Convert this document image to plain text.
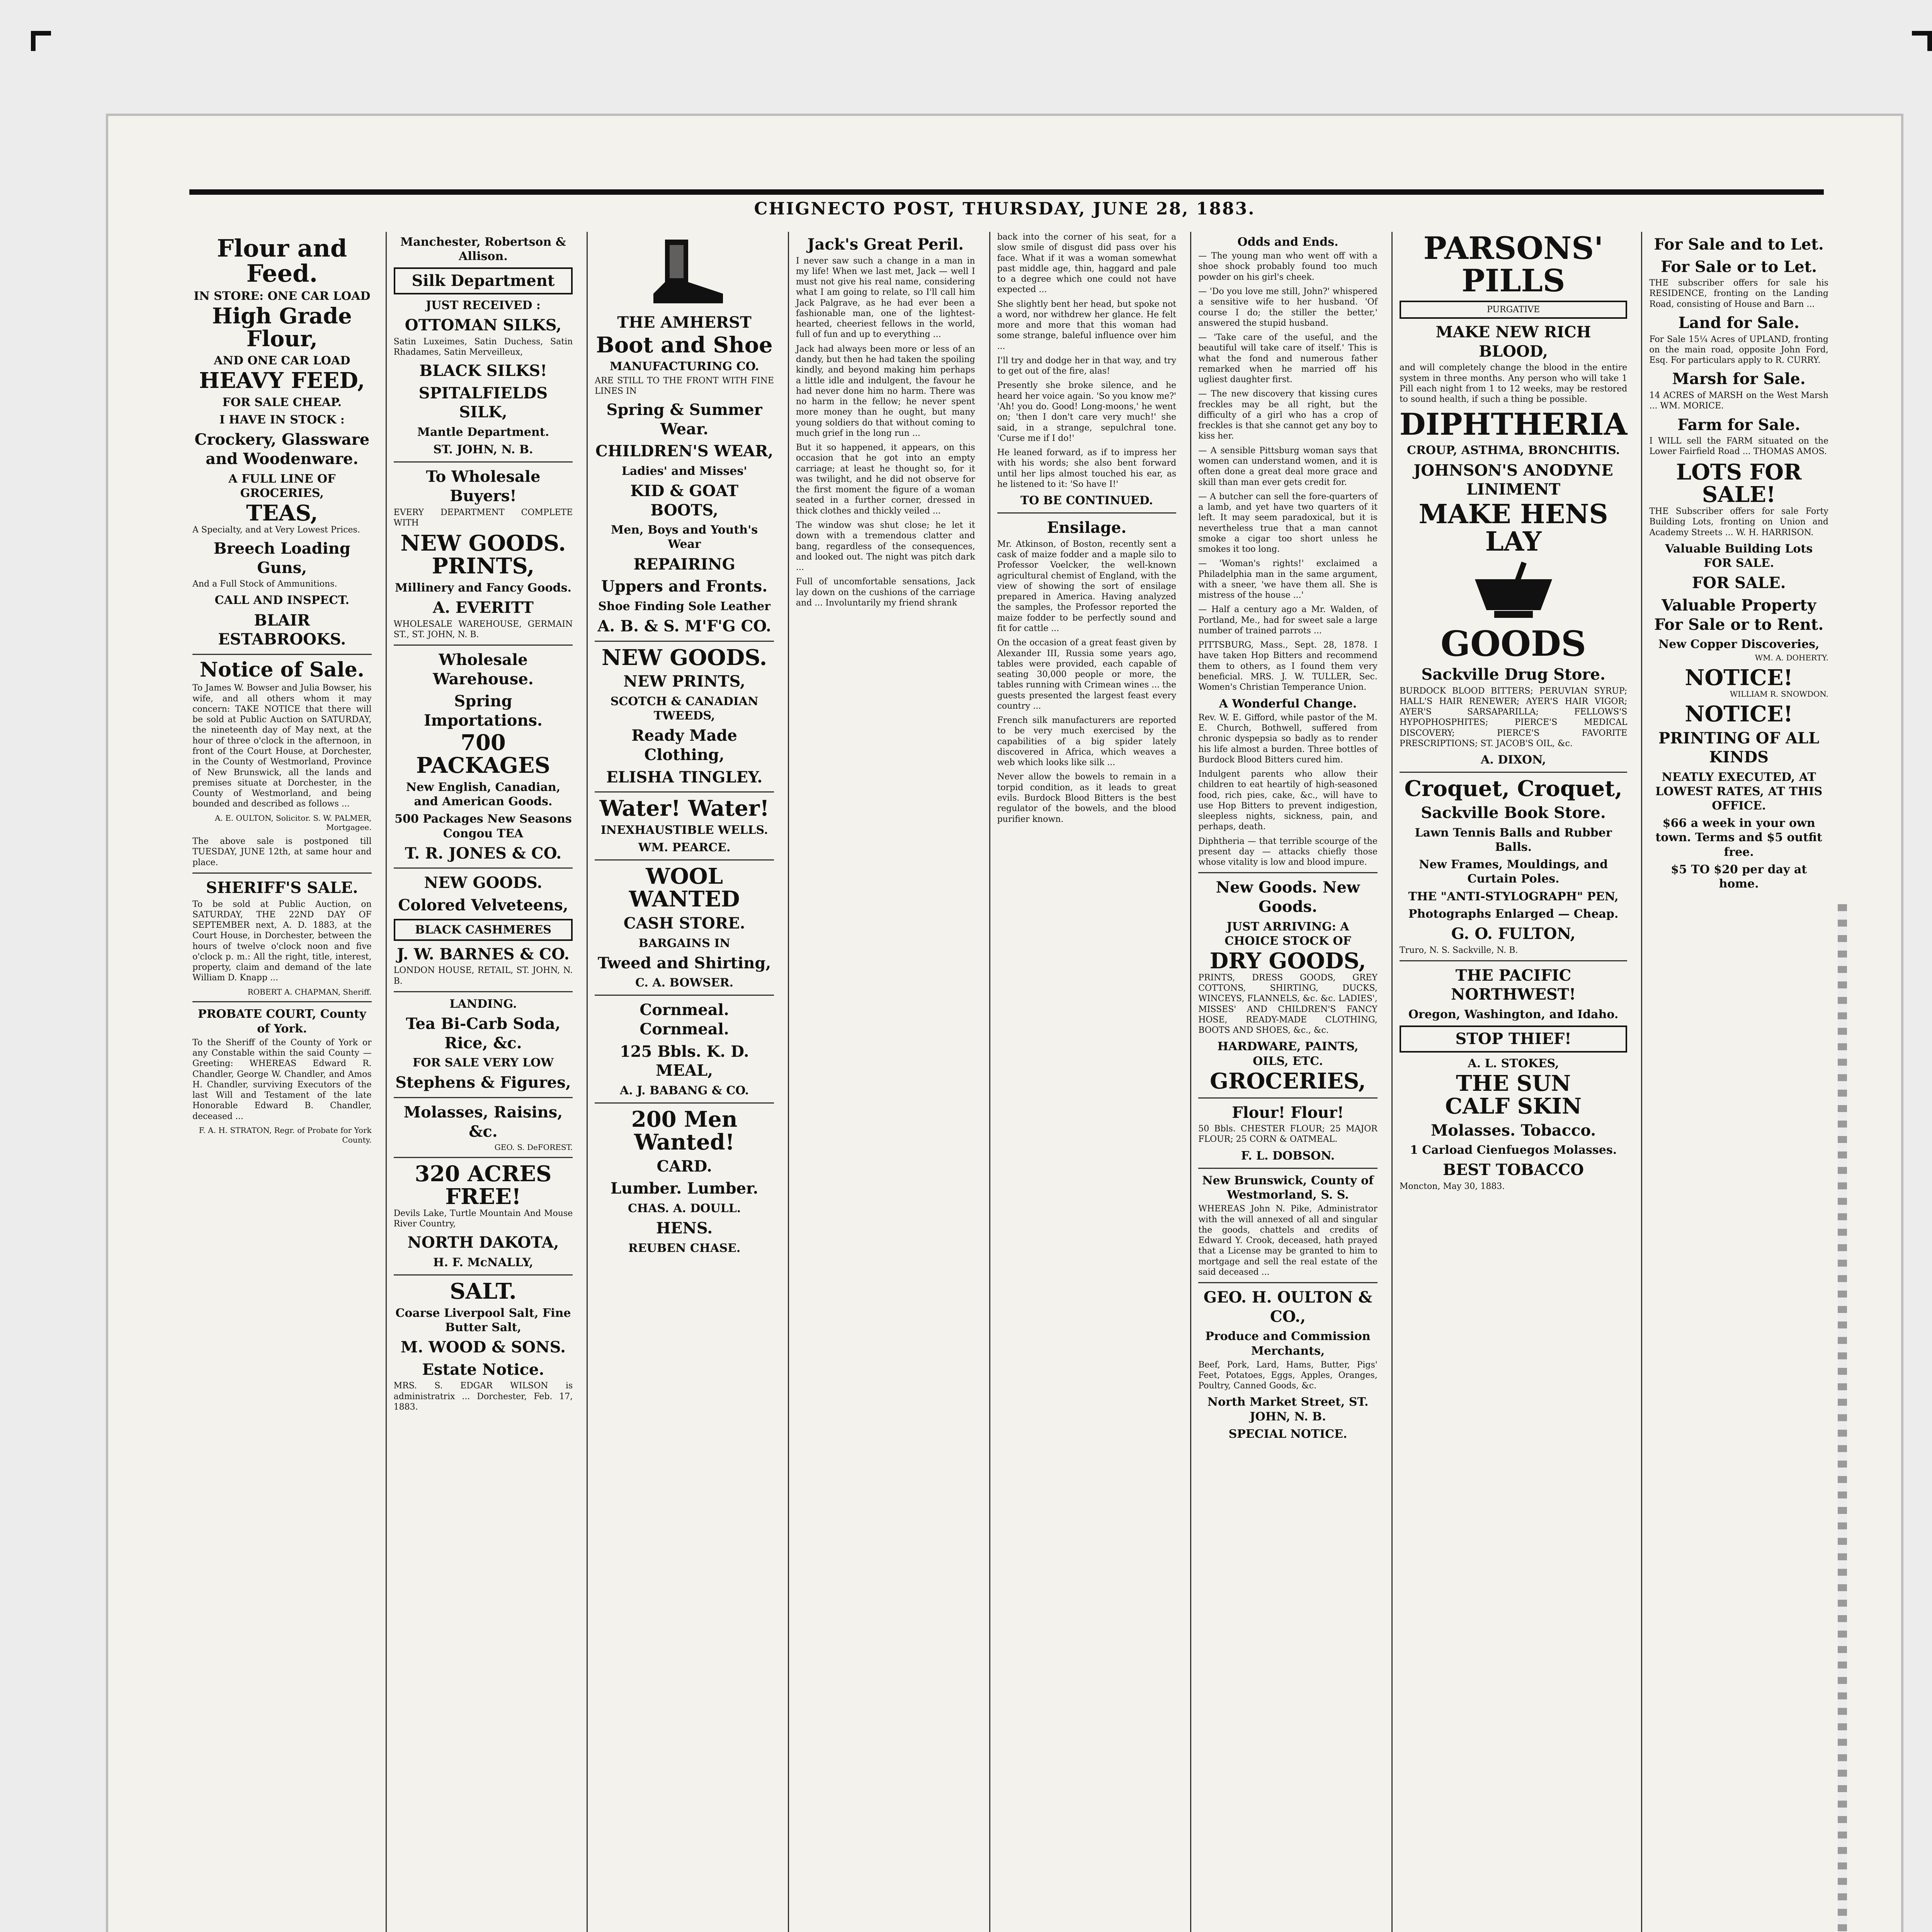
CHIGNECTO POST, THURSDAY, JUNE 28, 1883.
Flour and Feed.
IN STORE: ONE CAR LOAD
High Grade Flour,
AND ONE CAR LOAD
HEAVY FEED,
FOR SALE CHEAP.
I HAVE IN STOCK :
Crockery, Glassware and Woodenware.
A FULL LINE OF GROCERIES,
TEAS,

A Specialty, and at Very Lowest Prices.

Breech Loading Guns,

And a Full Stock of Ammunitions.

CALL AND INSPECT.
BLAIR ESTABROOKS.
Notice of Sale.

To James W. Bowser and Julia Bowser, his wife, and all others whom it may concern: TAKE NOTICE that there will be sold at Public Auction on SATURDAY, the nineteenth day of May next, at the hour of three o'clock in the afternoon, in front of the Court House, at Dorchester, in the County of Westmorland, Province of New Brunswick, all the lands and premises situate at Dorchester, in the County of Westmorland, and being bounded and described as follows ...

A. E. OULTON, Solicitor. S. W. PALMER, Mortgagee.

The above sale is postponed till TUESDAY, JUNE 12th, at same hour and place.

SHERIFF'S SALE.

To be sold at Public Auction, on SATURDAY, THE 22ND DAY OF SEPTEMBER next, A. D. 1883, at the Court House, in Dorchester, between the hours of twelve o'clock noon and five o'clock p. m.: All the right, title, interest, property, claim and demand of the late William D. Knapp ...

ROBERT A. CHAPMAN, Sheriff.

PROBATE COURT, County of York.

To the Sheriff of the County of York or any Constable within the said County — Greeting: WHEREAS Edward R. Chandler, George W. Chandler, and Amos H. Chandler, surviving Executors of the last Will and Testament of the late Honorable Edward B. Chandler, deceased ...

F. A. H. STRATON, Regr. of Probate for York County.

Manchester, Robertson & Allison.
Silk Department
JUST RECEIVED :
OTTOMAN SILKS,

Satin Luxeimes, Satin Duchess, Satin Rhadames, Satin Merveilleux,

BLACK SILKS!
SPITALFIELDS SILK,
Mantle Department.
ST. JOHN, N. B.
To Wholesale Buyers!

EVERY DEPARTMENT COMPLETE WITH

NEW GOODS.
PRINTS,
Millinery and Fancy Goods.
A. EVERITT

WHOLESALE WAREHOUSE, GERMAIN ST., ST. JOHN, N. B.

Wholesale Warehouse.
Spring Importations.
700 PACKAGES
New English, Canadian, and American Goods.
500 Packages New Seasons Congou TEA
T. R. JONES & CO.
NEW GOODS.
Colored Velveteens,
BLACK CASHMERES
J. W. BARNES & CO.

LONDON HOUSE, RETAIL, ST. JOHN, N. B.

LANDING.
Tea Bi-Carb Soda, Rice, &c.
FOR SALE VERY LOW
Stephens & Figures,
Molasses, Raisins, &c.

GEO. S. DeFOREST.

320 ACRES FREE!

Devils Lake, Turtle Mountain And Mouse River Country,

NORTH DAKOTA,
H. F. McNALLY,
SALT.
Coarse Liverpool Salt, Fine Butter Salt,
M. WOOD & SONS.
Estate Notice.

MRS. S. EDGAR WILSON is administratrix ... Dorchester, Feb. 17, 1883.

THE AMHERST
Boot and Shoe
MANUFACTURING CO.

ARE STILL TO THE FRONT WITH FINE LINES IN

Spring & Summer Wear.
CHILDREN'S WEAR,
Ladies' and Misses'
KID & GOAT BOOTS,
Men, Boys and Youth's Wear
REPAIRING
Uppers and Fronts.
Shoe Finding Sole Leather
A. B. & S. M'F'G CO.
NEW GOODS.
NEW PRINTS,
SCOTCH & CANADIAN TWEEDS,
Ready Made Clothing,
ELISHA TINGLEY.
Water! Water!
INEXHAUSTIBLE WELLS.
WM. PEARCE.
WOOL WANTED
CASH STORE.
BARGAINS IN
Tweed and Shirting,
C. A. BOWSER.
Cornmeal. Cornmeal.
125 Bbls. K. D. MEAL,
A. J. BABANG & CO.
200 Men Wanted!
CARD.
Lumber. Lumber.
CHAS. A. DOULL.
HENS.
REUBEN CHASE.
Jack's Great Peril.

I never saw such a change in a man in my life! When we last met, Jack — well I must not give his real name, considering what I am going to relate, so I'll call him Jack Palgrave, as he had ever been a fashionable man, one of the lightest-hearted, cheeriest fellows in the world, full of fun and up to everything ...

Jack had always been more or less of an dandy, but then he had taken the spoiling kindly, and beyond making him perhaps a little idle and indulgent, the favour he had never done him no harm. There was no harm in the fellow; he never spent more money than he ought, but many young soldiers do that without coming to much grief in the long run ...

But it so happened, it appears, on this occasion that he got into an empty carriage; at least he thought so, for it was twilight, and he did not observe for the first moment the figure of a woman seated in a further corner, dressed in thick clothes and thickly veiled ...

The window was shut close; he let it down with a tremendous clatter and bang, regardless of the consequences, and looked out. The night was pitch dark ...

Full of uncomfortable sensations, Jack lay down on the cushions of the carriage and ... Involuntarily my friend shrank

back into the corner of his seat, for a slow smile of disgust did pass over his face. What if it was a woman somewhat past middle age, thin, haggard and pale to a degree which one could not have expected ...

She slightly bent her head, but spoke not a word, nor withdrew her glance. He felt more and more that this woman had some strange, baleful influence over him ...

I'll try and dodge her in that way, and try to get out of the fire, alas!

Presently she broke silence, and he heard her voice again. 'So you know me?' 'Ah! you do. Good! Long-moons,' he went on; 'then I don't care very much!' she said, in a strange, sepulchral tone. 'Curse me if I do!'

He leaned forward, as if to impress her with his words; she also bent forward until her lips almost touched his ear, as he listened to it: 'So have I!'

TO BE CONTINUED.
Ensilage.

Mr. Atkinson, of Boston, recently sent a cask of maize fodder and a maple silo to Professor Voelcker, the well-known agricultural chemist of England, with the view of showing the sort of ensilage prepared in America. Having analyzed the samples, the Professor reported the maize fodder to be perfectly sound and fit for cattle ...

On the occasion of a great feast given by Alexander III, Russia some years ago, tables were provided, each capable of seating 30,000 people or more, the tables running with Crimean wines ... the guests presented the largest feast every country ...

French silk manufacturers are reported to be very much exercised by the capabilities of a big spider lately discovered in Africa, which weaves a web which looks like silk ...

Never allow the bowels to remain in a torpid condition, as it leads to great evils. Burdock Blood Bitters is the best regulator of the bowels, and the blood purifier known.

Odds and Ends.

— The young man who went off with a shoe shock probably found too much powder on his girl's cheek.

— 'Do you love me still, John?' whispered a sensitive wife to her husband. 'Of course I do; the stiller the better,' answered the stupid husband.

— 'Take care of the useful, and the beautiful will take care of itself.' This is what the fond and numerous father remarked when he married off his ugliest daughter first.

— The new discovery that kissing cures freckles may be all right, but the difficulty of a girl who has a crop of freckles is that she cannot get any boy to kiss her.

— A sensible Pittsburg woman says that women can understand women, and it is often done a great deal more grace and skill than man ever gets credit for.

— A butcher can sell the fore-quarters of a lamb, and yet have two quarters of it left. It may seem paradoxical, but it is nevertheless true that a man cannot smoke a cigar too short unless he smokes it too long.

— 'Woman's rights!' exclaimed a Philadelphia man in the same argument, with a sneer, 'we have them all. She is mistress of the house ...'

— Half a century ago a Mr. Walden, of Portland, Me., had for sweet sale a large number of trained parrots ...

PITTSBURG, Mass., Sept. 28, 1878. I have taken Hop Bitters and recommend them to others, as I found them very beneficial. MRS. J. W. TULLER, Sec. Women's Christian Temperance Union.

A Wonderful Change.

Rev. W. E. Gifford, while pastor of the M. E. Church, Bothwell, suffered from chronic dyspepsia so badly as to render his life almost a burden. Three bottles of Burdock Blood Bitters cured him.

Indulgent parents who allow their children to eat heartily of high-seasoned food, rich pies, cake, &c., will have to use Hop Bitters to prevent indigestion, sleepless nights, sickness, pain, and perhaps, death.

Diphtheria — that terrible scourge of the present day — attacks chiefly those whose vitality is low and blood impure.

New Goods. New Goods.
JUST ARRIVING: A CHOICE STOCK OF
DRY GOODS,

PRINTS, DRESS GOODS, GREY COTTONS, SHIRTING, DUCKS, WINCEYS, FLANNELS, &c. &c. LADIES', MISSES' AND CHILDREN'S FANCY HOSE, READY-MADE CLOTHING, BOOTS AND SHOES, &c., &c.

HARDWARE, PAINTS, OILS, ETC.
GROCERIES,
Flour! Flour!

50 Bbls. CHESTER FLOUR; 25 MAJOR FLOUR; 25 CORN & OATMEAL.

F. L. DOBSON.
New Brunswick, County of Westmorland, S. S.

WHEREAS John N. Pike, Administrator with the will annexed of all and singular the goods, chattels and credits of Edward Y. Crook, deceased, hath prayed that a License may be granted to him to mortgage and sell the real estate of the said deceased ...

GEO. H. OULTON & CO.,
Produce and Commission Merchants,

Beef, Pork, Lard, Hams, Butter, Pigs' Feet, Potatoes, Eggs, Apples, Oranges, Poultry, Canned Goods, &c.

North Market Street, ST. JOHN, N. B.
SPECIAL NOTICE.
PARSONS' PILLS
PURGATIVE
MAKE NEW RICH BLOOD,

and will completely change the blood in the entire system in three months. Any person who will take 1 Pill each night from 1 to 12 weeks, may be restored to sound health, if such a thing be possible.

DIPHTHERIA
CROUP, ASTHMA, BRONCHITIS.
JOHNSON'S ANODYNE LINIMENT
MAKE HENS LAY
GOODS
Sackville Drug Store.

BURDOCK BLOOD BITTERS; PERUVIAN SYRUP; HALL'S HAIR RENEWER; AYER'S HAIR VIGOR; AYER'S SARSAPARILLA; FELLOWS'S HYPOPHOSPHITES; PIERCE'S MEDICAL DISCOVERY; PIERCE'S FAVORITE PRESCRIPTIONS; ST. JACOB'S OIL, &c.

A. DIXON,
Croquet, Croquet,
Sackville Book Store.
Lawn Tennis Balls and Rubber Balls.
New Frames, Mouldings, and Curtain Poles.
THE "ANTI-STYLOGRAPH" PEN,
Photographs Enlarged — Cheap.
G. O. FULTON,

Truro, N. S. Sackville, N. B.

THE PACIFIC NORTHWEST!
Oregon, Washington, and Idaho.
STOP THIEF!
A. L. STOKES,
THE SUN
CALF SKIN
Molasses. Tobacco.
1 Carload Cienfuegos Molasses.
BEST TOBACCO

Moncton, May 30, 1883.

For Sale and to Let.
For Sale or to Let.

THE subscriber offers for sale his RESIDENCE, fronting on the Landing Road, consisting of House and Barn ...

Land for Sale.

For Sale 15¼ Acres of UPLAND, fronting on the main road, opposite John Ford, Esq. For particulars apply to R. CURRY.

Marsh for Sale.

14 ACRES of MARSH on the West Marsh ... WM. MORICE.

Farm for Sale.

I WILL sell the FARM situated on the Lower Fairfield Road ... THOMAS AMOS.

LOTS FOR SALE!

THE Subscriber offers for sale Forty Building Lots, fronting on Union and Academy Streets ... W. H. HARRISON.

Valuable Building Lots FOR SALE.
FOR SALE.
Valuable Property For Sale or to Rent.
New Copper Discoveries,

WM. A. DOHERTY.

NOTICE!

WILLIAM R. SNOWDON.

NOTICE!
PRINTING OF ALL KINDS
NEATLY EXECUTED, AT LOWEST RATES, AT THIS OFFICE.
$66 a week in your own town. Terms and $5 outfit free.
$5 TO $20 per day at home.
